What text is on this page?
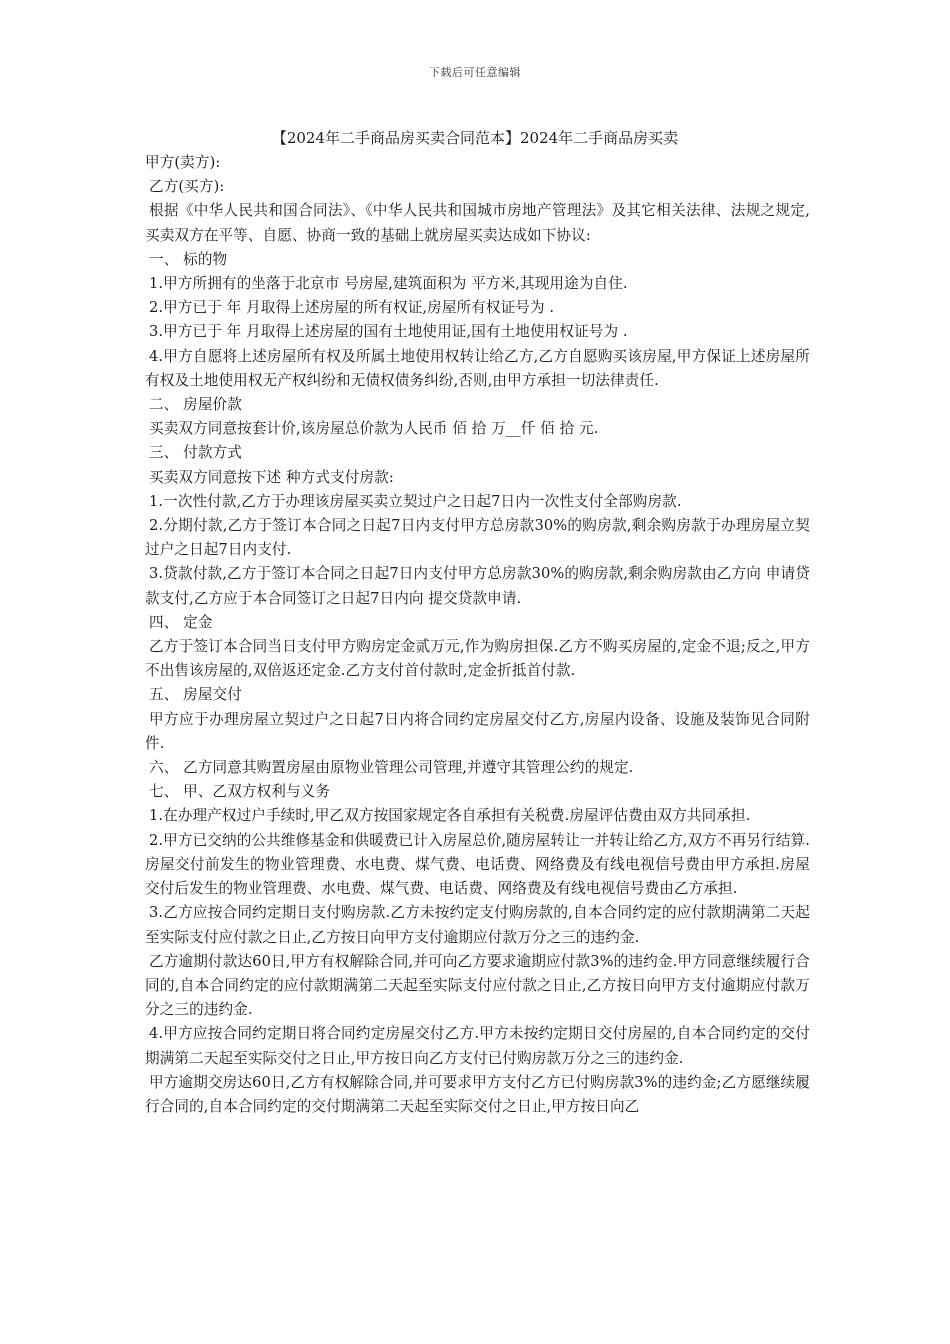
下载后可任意编辑
【2024年二手商品房买卖合同范本】2024年二手商品房买卖

甲方(卖方):

乙方(买方):

根据《中华人民共和国合同法》、《中华人民共和国城市房地产管理法》及其它相关法律、法规之规定,买卖双方在平等、自愿、协商一致的基础上就房屋买卖达成如下协议:

一、 标的物

1.甲方所拥有的坐落于北京市 号房屋,建筑面积为 平方米,其现用途为自住.

2.甲方已于 年 月取得上述房屋的所有权证,房屋所有权证号为 .

3.甲方已于 年 月取得上述房屋的国有土地使用证,国有土地使用权证号为 .

4.甲方自愿将上述房屋所有权及所属土地使用权转让给乙方,乙方自愿购买该房屋,甲方保证上述房屋所有权及土地使用权无产权纠纷和无债权债务纠纷,否则,由甲方承担一切法律责任.

二、 房屋价款

买卖双方同意按套计价,该房屋总价款为人民币 佰 拾 万__仟 佰 拾 元.

三、 付款方式

买卖双方同意按下述 种方式支付房款:

1.一次性付款,乙方于办理该房屋买卖立契过户之日起7日内一次性支付全部购房款.

2.分期付款,乙方于签订本合同之日起7日内支付甲方总房款30%的购房款,剩余购房款于办理房屋立契过户之日起7日内支付.

3.贷款付款,乙方于签订本合同之日起7日内支付甲方总房款30%的购房款,剩余购房款由乙方向 申请贷款支付,乙方应于本合同签订之日起7日内向 提交贷款申请.

四、 定金

乙方于签订本合同当日支付甲方购房定金贰万元,作为购房担保.乙方不购买房屋的,定金不退;反之,甲方不出售该房屋的,双倍返还定金.乙方支付首付款时,定金折抵首付款.

五、 房屋交付

甲方应于办理房屋立契过户之日起7日内将合同约定房屋交付乙方,房屋内设备、设施及装饰见合同附件.

六、 乙方同意其购置房屋由原物业管理公司管理,并遵守其管理公约的规定.

七、 甲、乙双方权利与义务

1.在办理产权过户手续时,甲乙双方按国家规定各自承担有关税费.房屋评估费由双方共同承担.

2.甲方已交纳的公共维修基金和供暖费已计入房屋总价,随房屋转让一并转让给乙方,双方不再另行结算.房屋交付前发生的物业管理费、水电费、煤气费、电话费、网络费及有线电视信号费由甲方承担.房屋交付后发生的物业管理费、水电费、煤气费、电话费、网络费及有线电视信号费由乙方承担.

3.乙方应按合同约定期日支付购房款.乙方未按约定支付购房款的,自本合同约定的应付款期满第二天起至实际支付应付款之日止,乙方按日向甲方支付逾期应付款万分之三的违约金.

乙方逾期付款达60日,甲方有权解除合同,并可向乙方要求逾期应付款3%的违约金.甲方同意继续履行合同的,自本合同约定的应付款期满第二天起至实际支付应付款之日止,乙方按日向甲方支付逾期应付款万分之三的违约金.

4.甲方应按合同约定期日将合同约定房屋交付乙方.甲方未按约定期日交付房屋的,自本合同约定的交付期满第二天起至实际交付之日止,甲方按日向乙方支付已付购房款万分之三的违约金.

甲方逾期交房达60日,乙方有权解除合同,并可要求甲方支付乙方已付购房款3%的违约金;乙方愿继续履行合同的,自本合同约定的交付期满第二天起至实际交付之日止,甲方按日向乙
